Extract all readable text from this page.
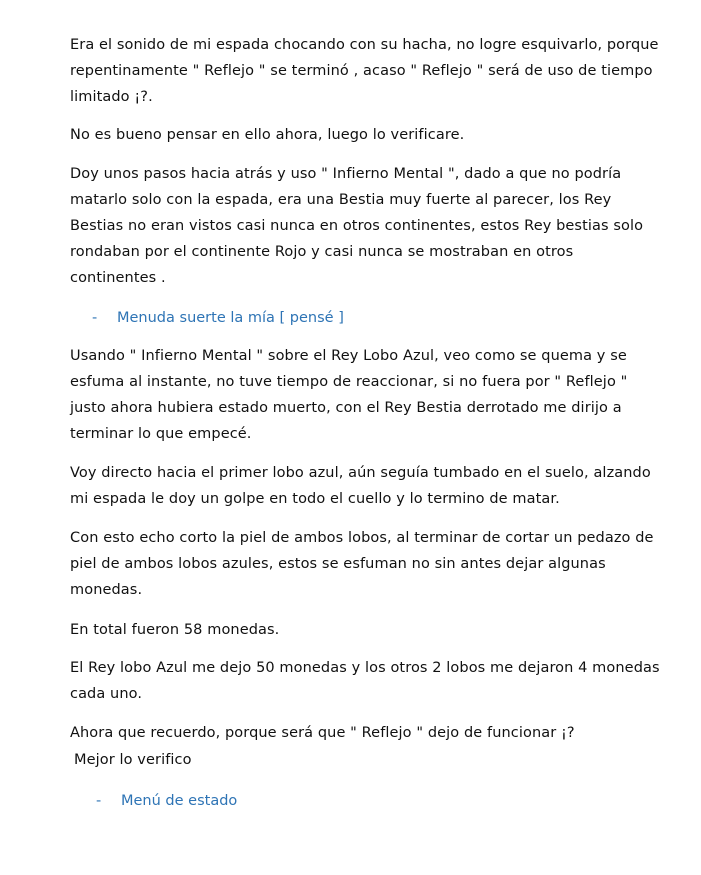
Era el sonido de mi espada chocando con su hacha, no logre esquivarlo, porque repentinamente " Reflejo " se terminó , acaso " Reflejo " será de uso de tiempo limitado ¡?.

No es bueno pensar en ello ahora, luego lo verificare.

Doy unos pasos hacia atrás y uso " Infierno Mental ", dado a que no podría matarlo solo con la espada, era una Bestia muy fuerte al parecer, los Rey Bestias no eran vistos casi nunca en otros continentes, estos Rey bestias solo rondaban por el continente Rojo y casi nunca se mostraban en otros continentes .

-	Menuda suerte la mía [ pensé ]

Usando " Infierno Mental " sobre el Rey Lobo Azul, veo como se quema y se esfuma al instante, no tuve tiempo de reaccionar, si no fuera por " Reflejo " justo ahora hubiera estado muerto, con el Rey Bestia derrotado me dirijo a terminar lo que empecé.

Voy directo hacia el primer lobo azul, aún seguía tumbado en el suelo, alzando mi espada le doy un golpe en todo el cuello y lo termino de matar.

Con esto echo corto la piel de ambos lobos, al terminar de cortar un pedazo de piel de ambos lobos azules, estos se esfuman no sin antes dejar algunas monedas.

En total fueron 58 monedas.

El Rey lobo Azul me dejo 50 monedas y los otros 2 lobos me dejaron 4 monedas cada uno.

Ahora que recuerdo, porque será que " Reflejo " dejo de funcionar ¡?

Mejor lo verifico

-	Menú de estado
